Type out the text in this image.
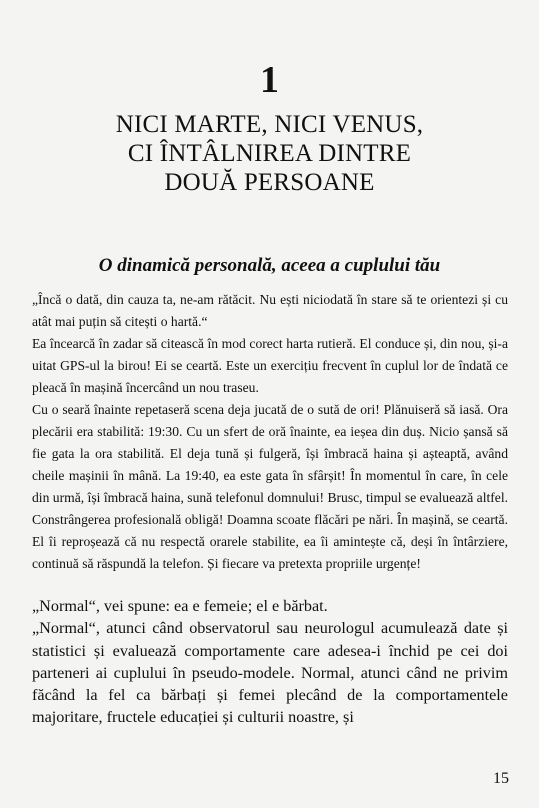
1
NICI MARTE, NICI VENUS,
CI ÎNTÂLNIREA DINTRE
DOUĂ PERSOANE
O dinamică personală, aceea a cuplului tău

„Încă o dată, din cauza ta, ne-am rătăcit. Nu ești niciodată în stare să te orientezi și cu atât mai puțin să citești o hartă.“

Ea încearcă în zadar să citească în mod corect harta rutieră. El conduce și, din nou, și-a uitat GPS-ul la birou! Ei se ceartă. Este un exercițiu frecvent în cuplul lor de îndată ce pleacă în mașină încercând un nou traseu.

Cu o seară înainte repetaseră scena deja jucată de o sută de ori! Plănuiseră să iasă. Ora plecării era stabilită: 19:30. Cu un sfert de oră înainte, ea ieșea din duș. Nicio șansă să fie gata la ora stabilită. El deja tună și fulgeră, își îmbracă haina și așteaptă, având cheile mașinii în mână. La 19:40, ea este gata în sfârșit! În momentul în care, în cele din urmă, își îmbracă haina, sună telefonul domnului! Brusc, timpul se evaluează altfel. Constrângerea profesională obligă! Doamna scoate flăcări pe nări. În mașină, se ceartă. El îi reproșează că nu respectă orarele stabilite, ea îi amintește că, deși în întârziere, continuă să răspundă la telefon. Și fiecare va pretexta propriile urgențe!

„Normal“, vei spune: ea e femeie; el e bărbat.

„Normal“, atunci când observatorul sau neurologul acumulează date și statistici și evaluează comportamente care adesea-i închid pe cei doi parteneri ai cuplului în pseudo-modele. Normal, atunci când ne privim făcând la fel ca bărbați și femei plecând de la comportamentele majoritare, fructele educației și culturii noastre, și

15
